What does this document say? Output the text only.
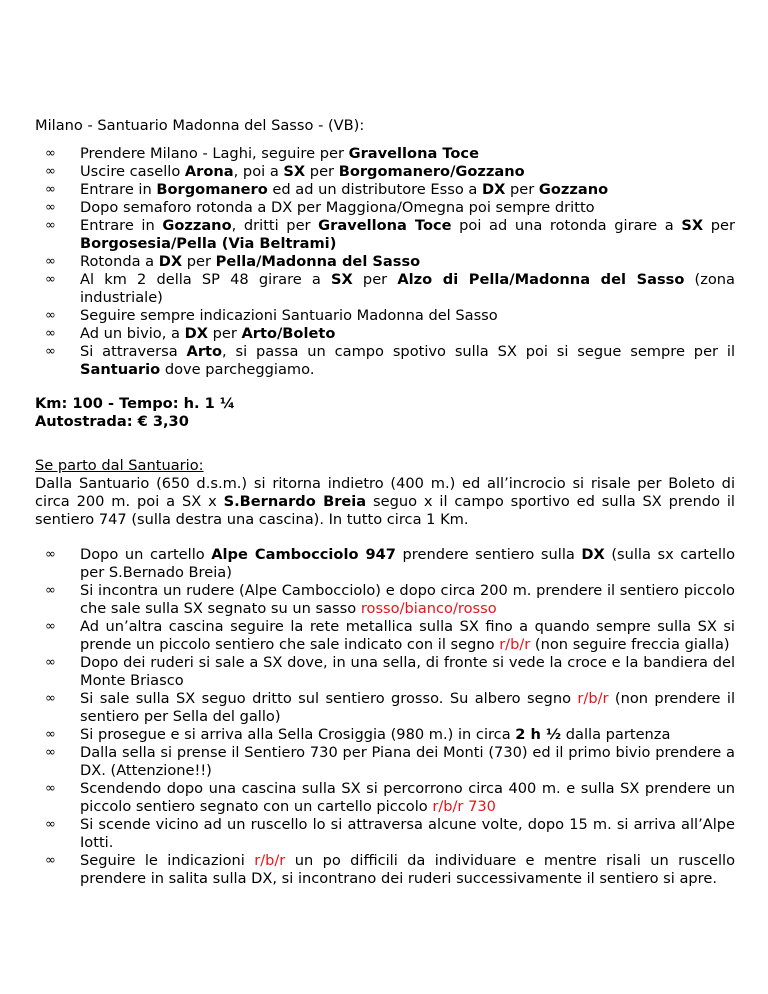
Milano - Santuario Madonna del Sasso - (VB):

∞ Prendere Milano - Laghi, seguire per Gravellona Toce
∞ Uscire casello Arona, poi a SX per Borgomanero/Gozzano
∞ Entrare in Borgomanero ed ad un distributore Esso a DX per Gozzano
∞ Dopo semaforo rotonda a DX per Maggiona/Omegna poi sempre dritto
∞ Entrare in Gozzano, dritti per Gravellona Toce poi ad una rotonda girare a SX per Borgosesia/Pella (Via Beltrami)
∞ Rotonda a DX per Pella/Madonna del Sasso
∞ Al km 2 della SP 48 girare a SX per Alzo di Pella/Madonna del Sasso (zona industriale)
∞ Seguire sempre indicazioni Santuario Madonna del Sasso
∞ Ad un bivio, a DX per Arto/Boleto
∞ Si attraversa Arto, si passa un campo spotivo sulla SX poi si segue sempre per il Santuario dove parcheggiamo.

Km: 100 - Tempo: h. 1 ¼

Autostrada: € 3,30

Se parto dal Santuario:

Dalla Santuario (650 d.s.m.) si ritorna indietro (400 m.) ed all’incrocio si risale per Boleto di circa 200 m. poi a SX x S.Bernardo Breia seguo x il campo sportivo ed sulla SX prendo il sentiero 747 (sulla destra una cascina). In tutto circa 1 Km.

∞ Dopo un cartello Alpe Cambocciolo 947 prendere sentiero sulla DX (sulla sx cartello per S.Bernado Breia)
∞ Si incontra un rudere (Alpe Cambocciolo) e dopo circa 200 m. prendere il sentiero piccolo che sale sulla SX segnato su un sasso rosso/bianco/rosso
∞ Ad un’altra cascina seguire la rete metallica sulla SX fino a quando sempre sulla SX si prende un piccolo sentiero che sale indicato con il segno r/b/r (non seguire freccia gialla)
∞ Dopo dei ruderi si sale a SX dove, in una sella, di fronte si vede la croce e la bandiera del Monte Briasco
∞ Si sale sulla SX seguo dritto sul sentiero grosso. Su albero segno r/b/r (non prendere il sentiero per Sella del gallo)
∞ Si prosegue e si arriva alla Sella Crosiggia (980 m.) in circa 2 h ½ dalla partenza
∞ Dalla sella si prense il Sentiero 730 per Piana dei Monti (730) ed il primo bivio prendere a DX. (Attenzione!!)
∞ Scendendo dopo una cascina sulla SX si percorrono circa 400 m. e sulla SX prendere un piccolo sentiero segnato con un cartello piccolo r/b/r 730
∞ Si scende vicino ad un ruscello lo si attraversa alcune volte, dopo 15 m. si arriva all’Alpe Iotti.
∞ Seguire le indicazioni r/b/r un po difficili da individuare e mentre risali un ruscello prendere in salita sulla DX, si incontrano dei ruderi successivamente il sentiero si apre.
